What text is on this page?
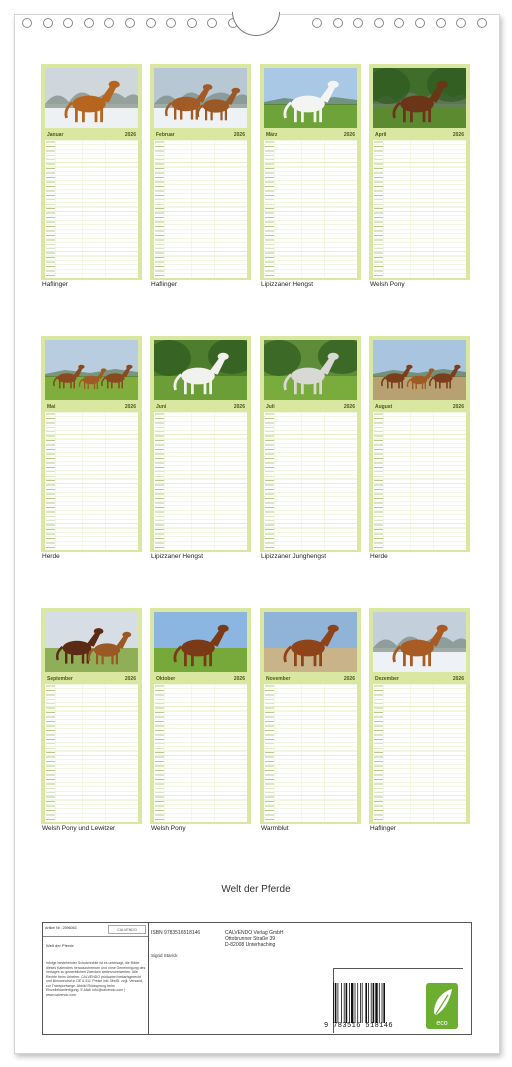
Januar	2026
Haflinger
Februar	2026
Haflinger
März	2026
Lipizzaner Hengst
April	2026
Welsh Pony
Mai	2026
Herde
Juni	2026
Lipizzaner Hengst
Juli	2026
Lipizzaner Junghengst
August	2026
Herde
September	2026
Welsh Pony und Lewitzer
Oktober	2026
Welsh Pony
November	2026
Warmblut
Dezember	2026
Haflinger
Welt der Pferde
Artikel Nr.: 2596063	CALVENDO
Welt der Pferde
Infolge bestehender Schutzrechte ist es untersagt, die Bilder dieses Kalenders herauszutrennen und ohne Genehmigung des Verlages zu gewerblichen Zwecken weiterzuverwerten. Alle Rechte beim Urheber. CALVENDO produziert bedarfsgerecht und klimaneutral in DE & EU. Preise inkl. MwSt. zzgl. Versand, zur Transportwege. Abbild Rücksprung beim Einzelbildanfertigung. E-Mail: info@calvendo.com | www.calvendo.com
ISBN 9783516518146
Sigrid Starick
CALVENDO Verlag GmbH
Ottobrunner Straße 39
D-82008 Unterhaching
9 783516 518146	eco
